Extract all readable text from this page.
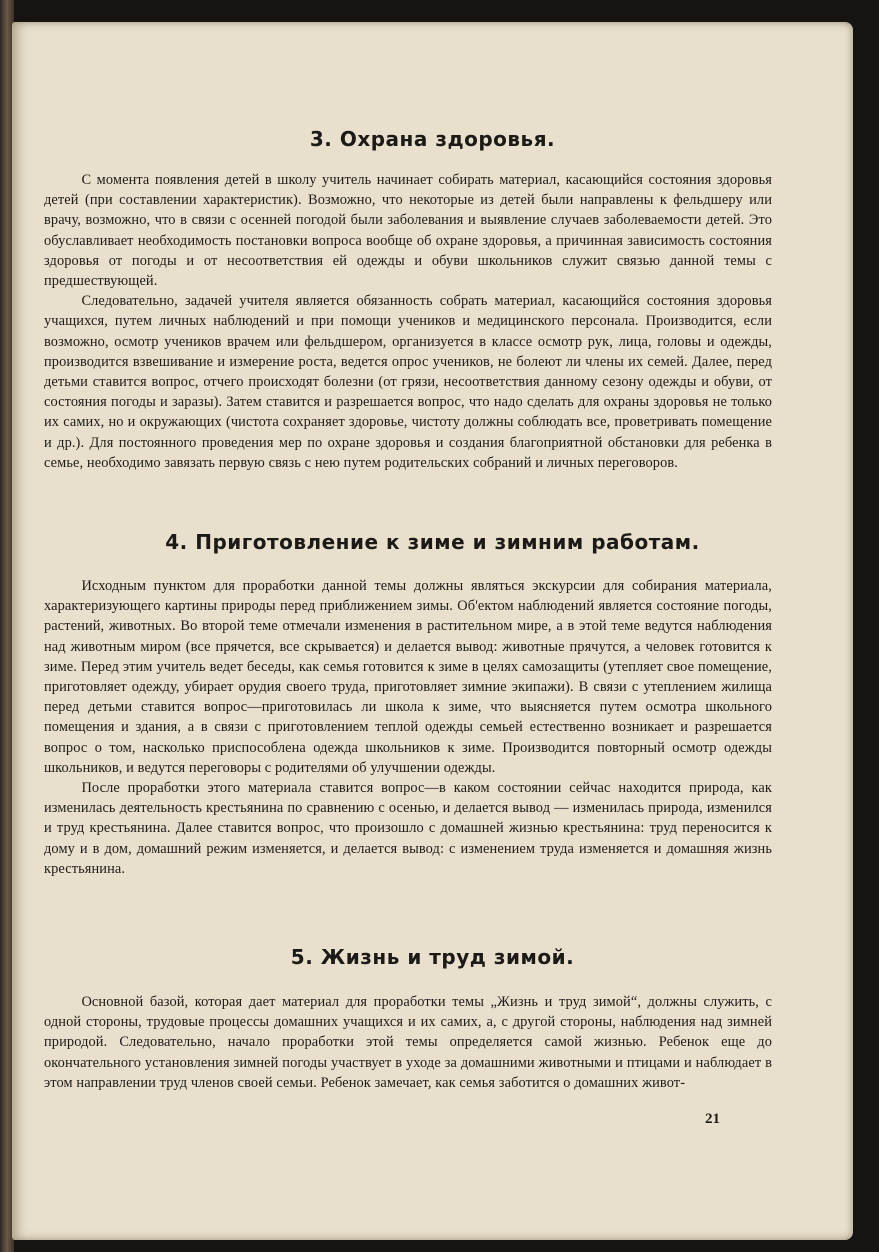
3. Охрана здоровья.

С момента появления детей в школу учитель начинает собирать материал, касающийся состояния здоровья детей (при составлении характеристик). Возможно, что некоторые из детей были направлены к фельдшеру или врачу, возможно, что в связи с осенней погодой были заболевания и выявление случаев заболеваемости детей. Это обуславливает необходимость постановки вопроса вообще об охране здоровья, а причинная зависимость состояния здоровья от погоды и от несоответствия ей одежды и обуви школьников служит связью данной темы с предшествующей.

Следовательно, задачей учителя является обязанность собрать материал, касающийся состояния здоровья учащихся, путем личных наблюдений и при помощи учеников и медицинского персонала. Производится, если возможно, осмотр учеников врачем или фельдшером, организуется в классе осмотр рук, лица, головы и одежды, производится взвешивание и измерение роста, ведется опрос учеников, не болеют ли члены их семей. Далее, перед детьми ставится вопрос, отчего происходят болезни (от грязи, несоответствия данному сезону одежды и обуви, от состояния погоды и заразы). Затем ставится и разрешается вопрос, что надо сделать для охраны здоровья не только их самих, но и окружающих (чистота сохраняет здоровье, чистоту должны соблюдать все, проветривать помещение и др.). Для постоянного проведения мер по охране здоровья и создания благоприятной обстановки для ребенка в семье, необходимо завязать первую связь с нею путем родительских собраний и личных переговоров.

4. Приготовление к зиме и зимним работам.

Исходным пунктом для проработки данной темы должны являться экскурсии для собирания материала, характеризующего картины природы перед приближением зимы. Об'ектом наблюдений является состояние погоды, растений, животных. Во второй теме отмечали изменения в растительном мире, а в этой теме ведутся наблюдения над животным миром (все прячется, все скрывается) и делается вывод: животные прячутся, а человек готовится к зиме. Перед этим учитель ведет беседы, как семья готовится к зиме в целях самозащиты (утепляет свое помещение, приготовляет одежду, убирает орудия своего труда, приготовляет зимние экипажи). В связи с утеплением жилища перед детьми ставится вопрос—приготовилась ли школа к зиме, что выясняется путем осмотра школьного помещения и здания, а в связи с приготовлением теплой одежды семьей естественно возникает и разрешается вопрос о том, насколько приспособлена одежда школьников к зиме. Производится повторный осмотр одежды школьников, и ведутся переговоры с родителями об улучшении одежды.

После проработки этого материала ставится вопрос—в каком состоянии сейчас находится природа, как изменилась деятельность крестьянина по сравнению с осенью, и делается вывод — изменилась природа, изменился и труд крестьянина. Далее ставится вопрос, что произошло с домашней жизнью крестьянина: труд переносится к дому и в дом, домашний режим изменяется, и делается вывод: с изменением труда изменяется и домашняя жизнь крестьянина.

5. Жизнь и труд зимой.

Основной базой, которая дает материал для проработки темы „Жизнь и труд зимой“, должны служить, с одной стороны, трудовые процессы домашних учащихся и их самих, а, с другой стороны, наблюдения над зимней природой. Следовательно, начало проработки этой темы определяется самой жизнью. Ребенок еще до окончательного установления зимней погоды участвует в уходе за домашними животными и птицами и наблюдает в этом направлении труд членов своей семьи. Ребенок замечает, как семья заботится о домашних живот-

21
